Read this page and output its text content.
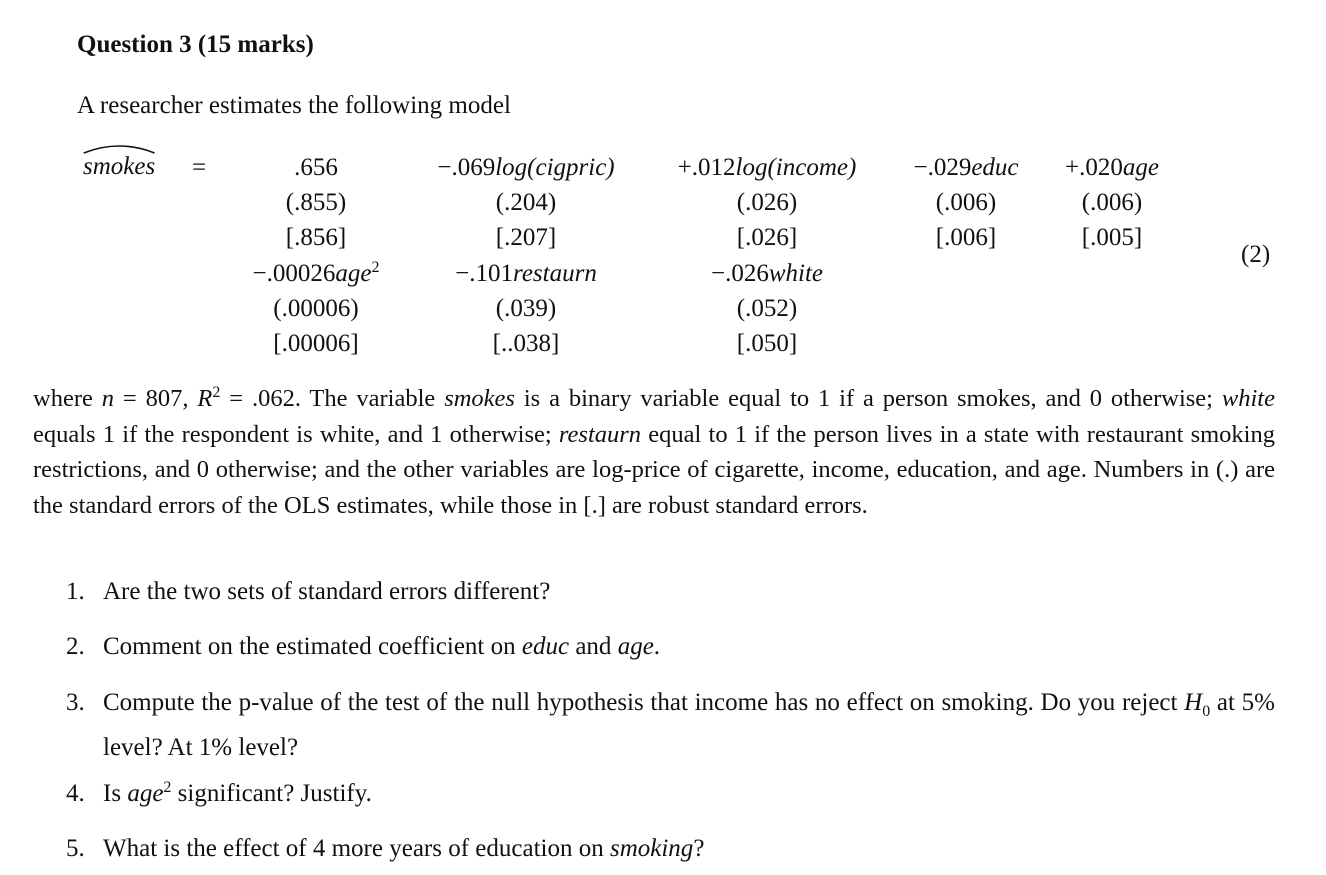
Question 3 (15 marks)
A researcher estimates the following model
smokes =	.656
(.855)
[.856]
−.069log(cigpric)
(.204)
[.207]
+.012log(income)
(.026)
[.026]
−.029educ
(.006)
[.006]
+.020age
(.006)
[.005]
(2)
−.00026age$^2$
(.00006)
[.00006]
−.101restaurn
(.039)
[..038]
−.026white
(.052)
[.050]
where n = 807, $R^2 = .062$. The variable smokes is a binary variable equal to 1 if a person smokes, and 0 otherwise; white equals 1 if the respondent is white, and 1 otherwise; restaurn equal to 1 if the person lives in a state with restaurant smoking restrictions, and 0 otherwise; and the other variables are log-price of cigarette, income, education, and age. Numbers in (.) are the standard errors of the OLS estimates, while those in [.] are robust standard errors.
1. Are the two sets of standard errors different?
2. Comment on the estimated coefficient on educ and age.
3. Compute the p-value of the test of the null hypothesis that income has no effect on smoking. Do you reject $H_0$ at 5% level? At 1% level?
4. Is age$^2$ significant? Justify.
5. What is the effect of 4 more years of education on smoking?
